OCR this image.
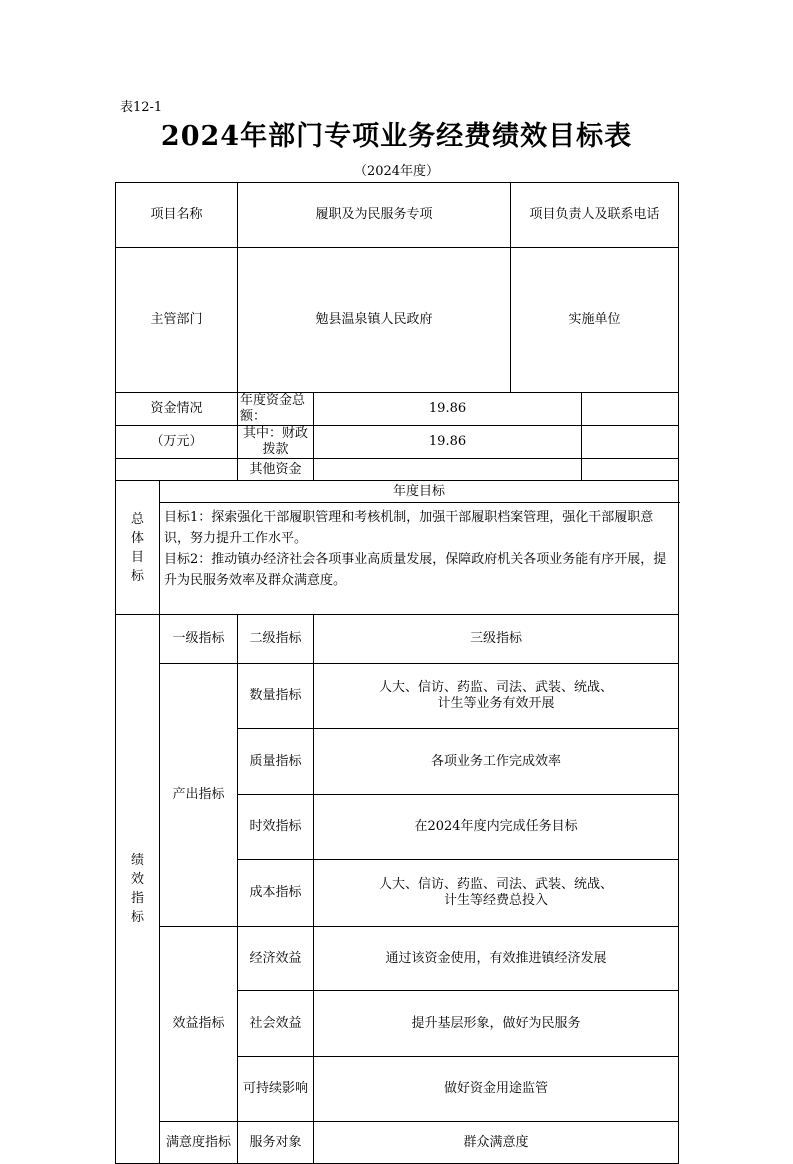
表12-1
2024年部门专项业务经费绩效目标表
（2024年度）
项目名称		履职及为民服务专项		项目负责人及联系电话	

主管部门		勉县温泉镇人民政府		实施单位	
资金情况		年度资金总额：	19.86			
（万元）		其中：财政拨款	19.86			
		其他资金				

总
体
目
标	年度目标					

	目标1：探索强化干部履职管理和考核机制，加强干部履职档案管理，强化干部履职意识，努力提升工作水平。
目标2：推动镇办经济社会各项事业高质量发展，保障政府机关各项业务能有序开展，提升为民服务效率及群众满意度。					

绩
效
指
标	一级指标	二级指标	三级指标	
	产出指标	数量指标	人大、信访、药监、司法、武装、统战、
计生等业务有效开展

		质量指标	各项业务工作完成效率	
		时效指标	在2024年度内完成任务目标	
		成本指标	人大、信访、药监、司法、武装、统战、
计生等经费总投入

	效益指标	经济效益	通过该资金使用，有效推进镇经济发展	
		社会效益	提升基层形象，做好为民服务	
		可持续影响	做好资金用途监管	
	满意度指标	服务对象	群众满意度	
